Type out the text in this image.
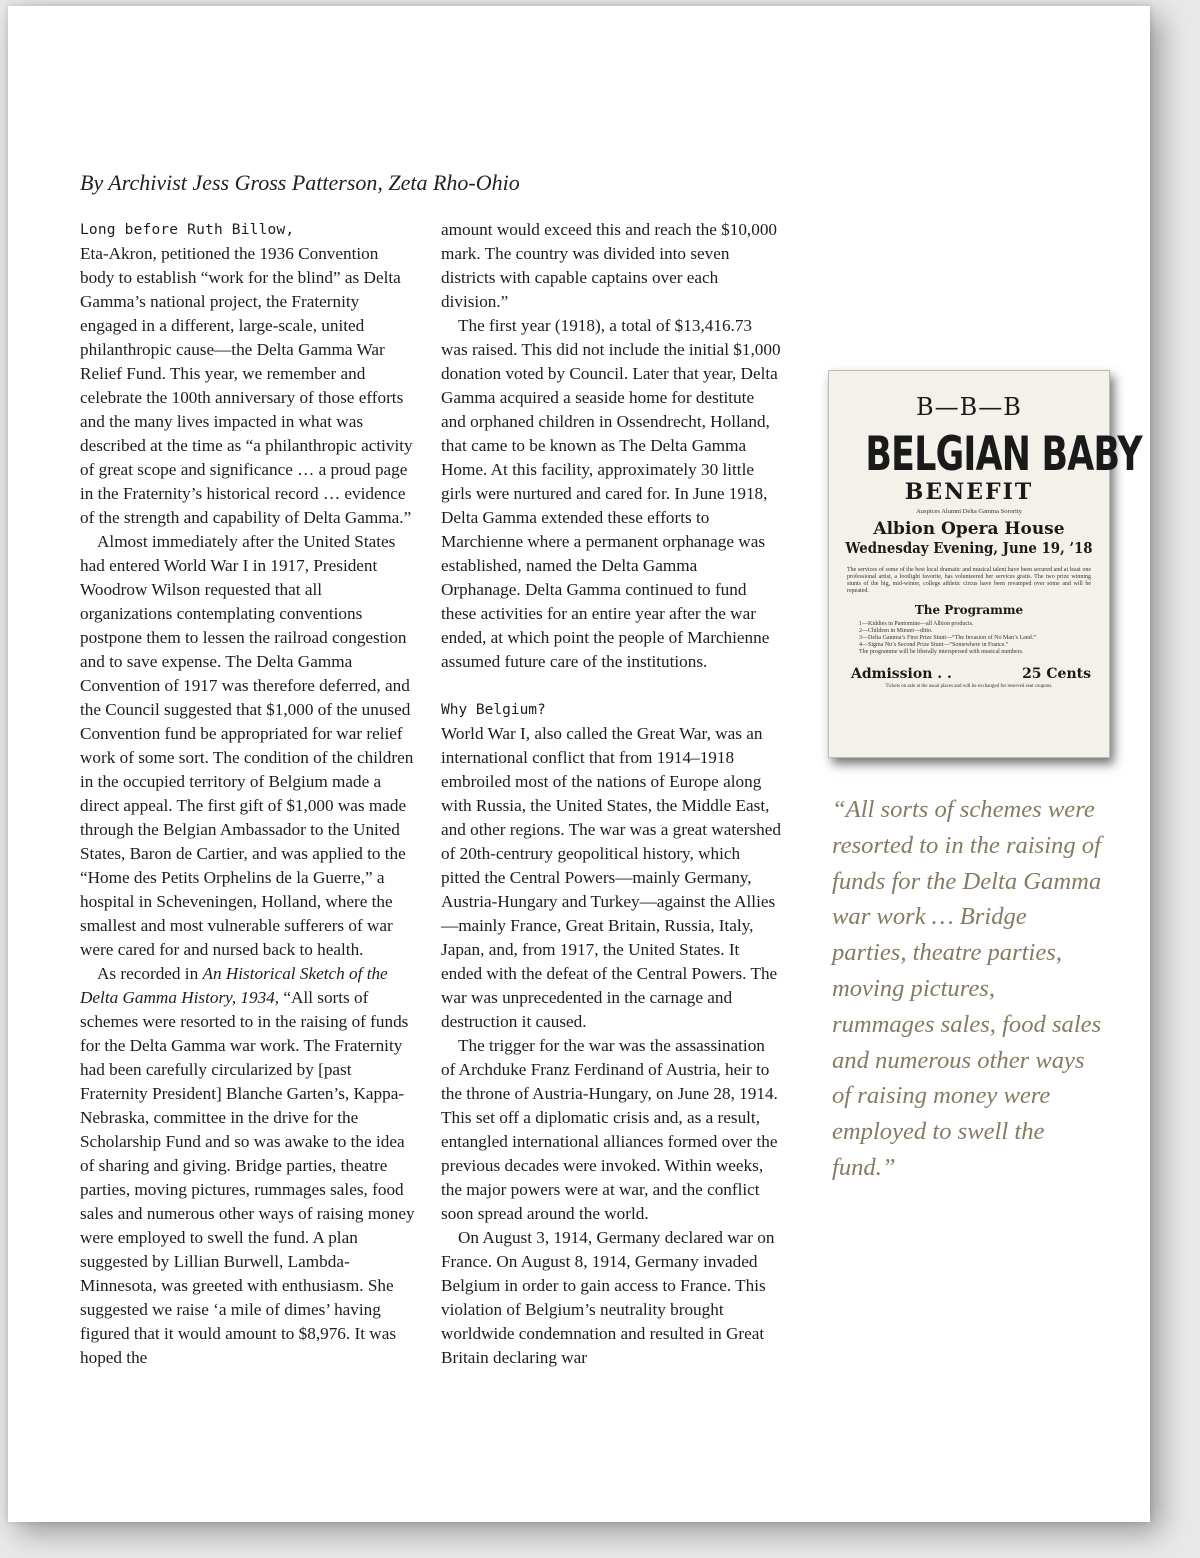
By Archivist Jess Gross Patterson, Zeta Rho-Ohio
Long before Ruth Billow,

Eta-Akron, petitioned the 1936 Convention body to establish “work for the blind” as Delta Gamma’s national project, the Fraternity engaged in a different, large-scale, united philanthropic cause—the Delta Gamma War Relief Fund. This year, we remember and celebrate the 100th anniversary of those efforts and the many lives impacted in what was described at the time as “a philanthropic activity of great scope and significance … a proud page in the Fraternity’s historical record … evidence of the strength and capability of Delta Gamma.”

Almost immediately after the United States had entered World War I in 1917, President Woodrow Wilson requested that all organizations contemplating conventions postpone them to lessen the railroad congestion and to save expense. The Delta Gamma Convention of 1917 was therefore deferred, and the Council suggested that $1,000 of the unused Convention fund be appropriated for war relief work of some sort. The condition of the children in the occupied territory of Belgium made a direct appeal. The first gift of $1,000 was made through the Belgian Ambassador to the United States, Baron de Cartier, and was applied to the “Home des Petits Orphelins de la Guerre,” a hospital in Scheveningen, Holland, where the smallest and most vulnerable sufferers of war were cared for and nursed back to health.

As recorded in An Historical Sketch of the Delta Gamma History, 1934, “All sorts of schemes were resorted to in the raising of funds for the Delta Gamma war work. The Fraternity had been carefully circularized by [past Fraternity President] Blanche Garten’s, Kappa-Nebraska, committee in the drive for the Scholarship Fund and so was awake to the idea of sharing and giving. Bridge parties, theatre parties, moving pictures, rummages sales, food sales and numerous other ways of raising money were employed to swell the fund. A plan suggested by Lillian Burwell, Lambda-Minnesota, was greeted with enthusiasm. She suggested we raise ‘a mile of dimes’ having figured that it would amount to $8,976. It was hoped the

amount would exceed this and reach the $10,000 mark. The country was divided into seven districts with capable captains over each division.”

The first year (1918), a total of $13,416.73 was raised. This did not include the initial $1,000 donation voted by Council. Later that year, Delta Gamma acquired a seaside home for destitute and orphaned children in Ossendrecht, Holland, that came to be known as The Delta Gamma Home. At this facility, approximately 30 little girls were nurtured and cared for. In June 1918, Delta Gamma extended these efforts to Marchienne where a permanent orphanage was established, named the Delta Gamma Orphanage. Delta Gamma continued to fund these activities for an entire year after the war ended, at which point the people of Marchienne assumed future care of the institutions.

Why Belgium?

World War I, also called the Great War, was an international conflict that from 1914–1918 embroiled most of the nations of Europe along with Russia, the United States, the Middle East, and other regions. The war was a great watershed of 20th-centrury geopolitical history, which pitted the Central Powers—mainly Germany, Austria-Hungary and Turkey—against the Allies—mainly France, Great Britain, Russia, Italy, Japan, and, from 1917, the United States. It ended with the defeat of the Central Powers. The war was unprecedented in the carnage and destruction it caused.

The trigger for the war was the assassination of Archduke Franz Ferdinand of Austria, heir to the throne of Austria-Hungary, on June 28, 1914. This set off a diplomatic crisis and, as a result, entangled international alliances formed over the previous decades were invoked. Within weeks, the major powers were at war, and the conflict soon spread around the world.

On August 3, 1914, Germany declared war on France. On August 8, 1914, Germany invaded Belgium in order to gain access to France. This violation of Belgium’s neutrality brought worldwide condemnation and resulted in Great Britain declaring war

B—B—B
BELGIAN BABY
BENEFIT
Auspices Alumni Delta Gamma Sorority
Albion Opera House
Wednesday Evening, June 19, ’18
The services of some of the best local dramatic and musical talent have been secured and at least one professional artist, a footlight favorite, has volunteered her services gratis. The two prize winning stunts of the big, mid-winter, college athletic circus have been revamped over some and will be repeated.
The Programme
1—Kiddies in Pantomine—all Albion products.
2—Children in Minuet—ditto.
3—Delta Gamma’s First Prize Stunt—“The Invasion of No Man’s Land.”
4—Sigma Nu’s Second Prize Stunt—“Somewhere in France.”
The programme will be liberally interspersed with musical numbers.
Admission . .	25 Cents
Tickets on sale at the usual places and will be exchanged for reserved seat coupons.
“All sorts of schemes were resorted to in the raising of funds for the Delta Gamma war work … Bridge parties, theatre parties, moving pictures, rummages sales, food sales and numerous other ways of raising money were employed to swell the fund.”
